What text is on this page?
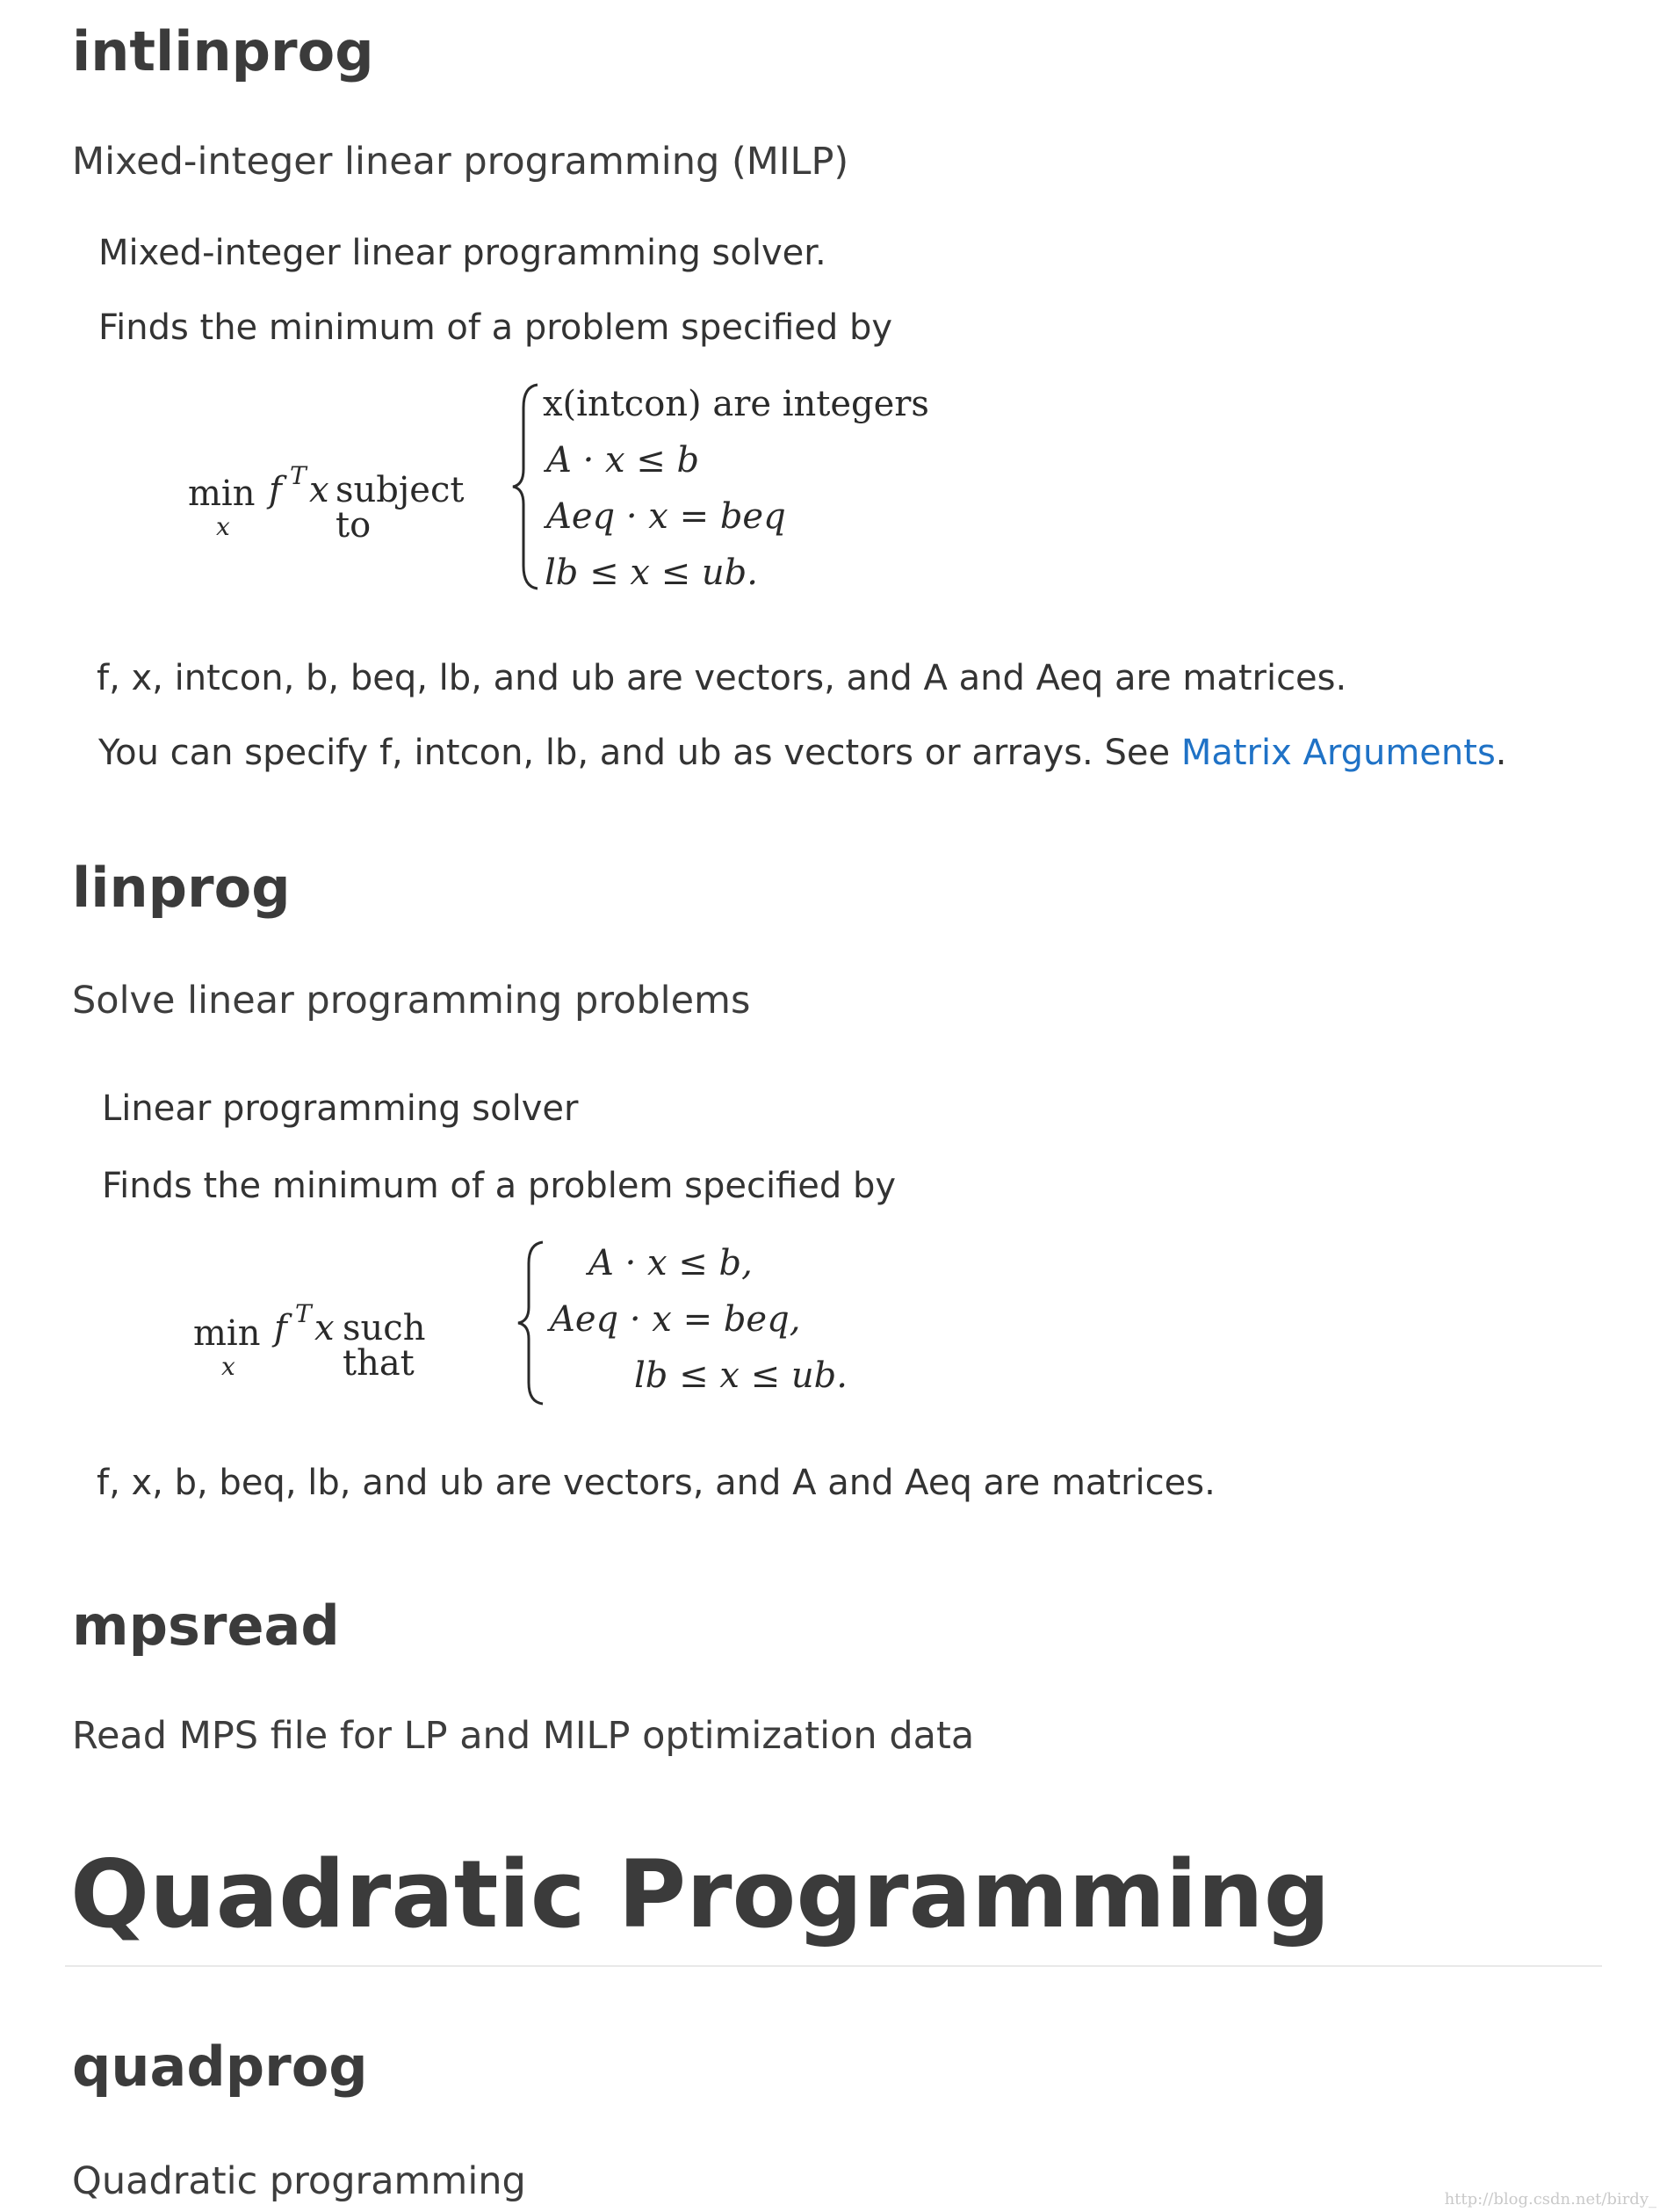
intlinprog
Mixed-integer linear programming (MILP)
Mixed-integer linear programming solver.
Finds the minimum of a problem specified by
min
x
f T x subject to
x(intcon) are integers
A · x ≤ b
Aeq · x = beq
lb ≤ x ≤ ub.
f, x, intcon, b, beq, lb, and ub are vectors, and A and Aeq are matrices.
You can specify f, intcon, lb, and ub as vectors or arrays. See Matrix Arguments.
linprog
Solve linear programming problems
Linear programming solver
Finds the minimum of a problem specified by
min
x
f T x such that
A · x ≤ b,
Aeq · x = beq,
lb ≤ x ≤ ub.
f, x, b, beq, lb, and ub are vectors, and A and Aeq are matrices.
mpsread
Read MPS file for LP and MILP optimization data
Quadratic Programming
quadprog
Quadratic programming	http://blog.csdn.net/birdy_
